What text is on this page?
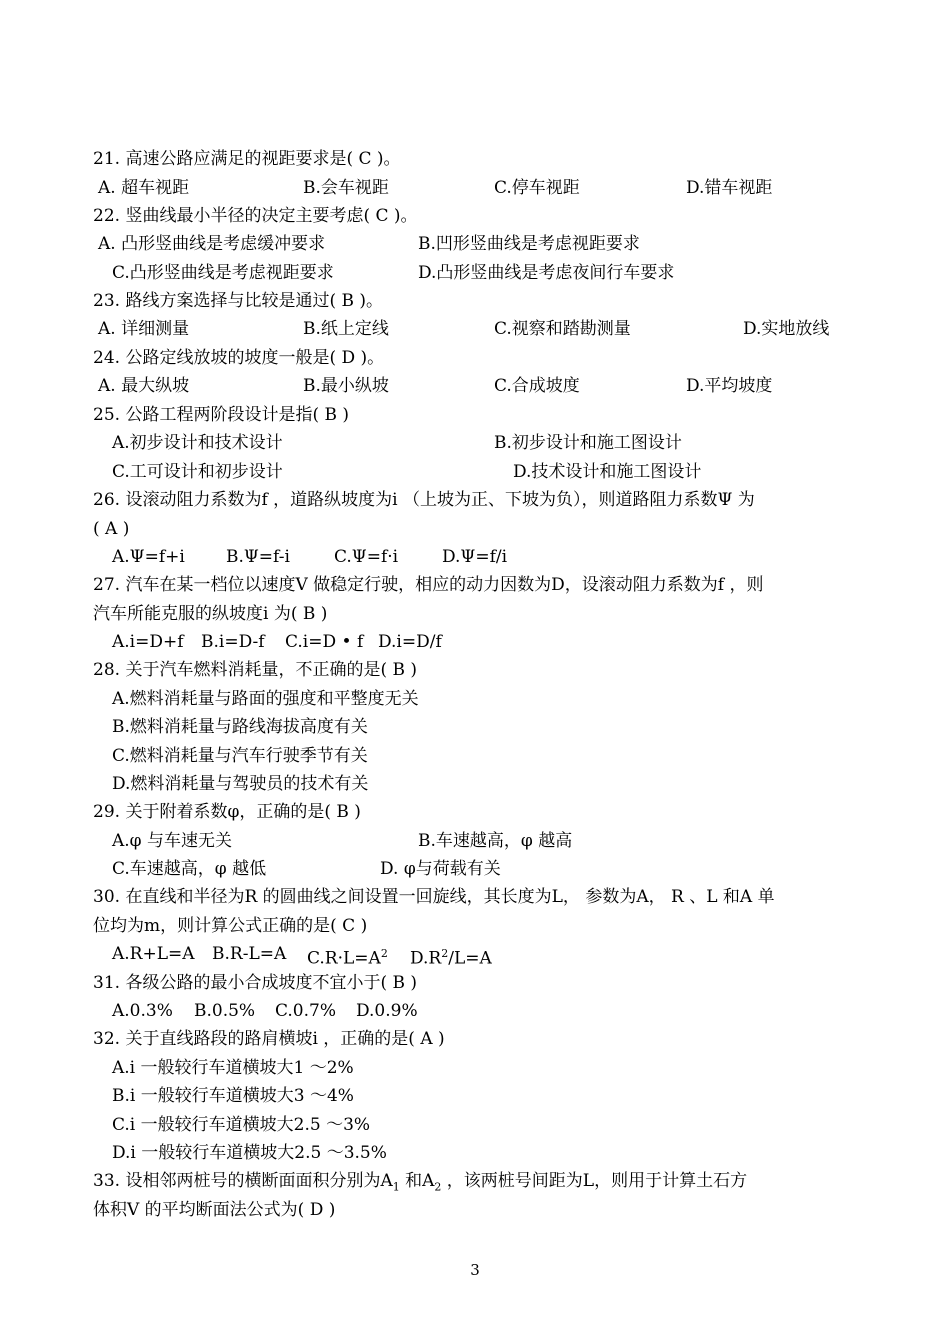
21. 高速公路应满足的视距要求是( C )。
A. 超车视距	B.会车视距	C.停车视距	D.错车视距
22. 竖曲线最小半径的决定主要考虑( C )。
A. 凸形竖曲线是考虑缓冲要求	B.凹形竖曲线是考虑视距要求
C.凸形竖曲线是考虑视距要求	D.凸形竖曲线是考虑夜间行车要求
23. 路线方案选择与比较是通过( B )。
A. 详细测量	B.纸上定线	C.视察和踏勘测量	D.实地放线
24. 公路定线放坡的坡度一般是( D )。
A. 最大纵坡	B.最小纵坡	C.合成坡度	D.平均坡度
25. 公路工程两阶段设计是指( B )
A.初步设计和技术设计	B.初步设计和施工图设计
C.工可设计和初步设计	D.技术设计和施工图设计
26. 设滚动阻力系数为f ，道路纵坡度为i （上坡为正、下坡为负），则道路阻力系数Ψ 为
( A )
A.Ψ=f+i B.Ψ=f-i	C.Ψ=f·i	D.Ψ=f/i
27. 汽车在某一档位以速度V 做稳定行驶，相应的动力因数为D，设滚动阻力系数为f ，则
汽车所能克服的纵坡度i 为( B )
A.i=D+f B.i=D-f C.i=D • f D.i=D/f
28. 关于汽车燃料消耗量，不正确的是( B )
A.燃料消耗量与路面的强度和平整度无关
B.燃料消耗量与路线海拔高度有关
C.燃料消耗量与汽车行驶季节有关
D.燃料消耗量与驾驶员的技术有关
29. 关于附着系数φ，正确的是( B )
A.φ 与车速无关	B.车速越高，φ 越高
C.车速越高，φ 越低	D. φ与荷载有关
30. 在直线和半径为R 的圆曲线之间设置一回旋线，其长度为L， 参数为A， R 、L 和A 单
位均为m，则计算公式正确的是( C )
A.R+L=A B.R-L=A $C.R\cdot L=A^2$ $D.R^2/L=A$
31. 各级公路的最小合成坡度不宜小于( B )
A.0.3% B.0.5% C.0.7% D.0.9%
32. 关于直线路段的路肩横坡i ，正确的是( A )
A.i 一般较行车道横坡大1 ～2%
B.i 一般较行车道横坡大3 ～4%
C.i 一般较行车道横坡大2.5 ～3%
D.i 一般较行车道横坡大2.5 ～3.5%
33. 设相邻两桩号的横断面面积分别为$A_1$ 和$A_2$ ，该两桩号间距为L，则用于计算土石方
体积V 的平均断面法公式为( D )
3
